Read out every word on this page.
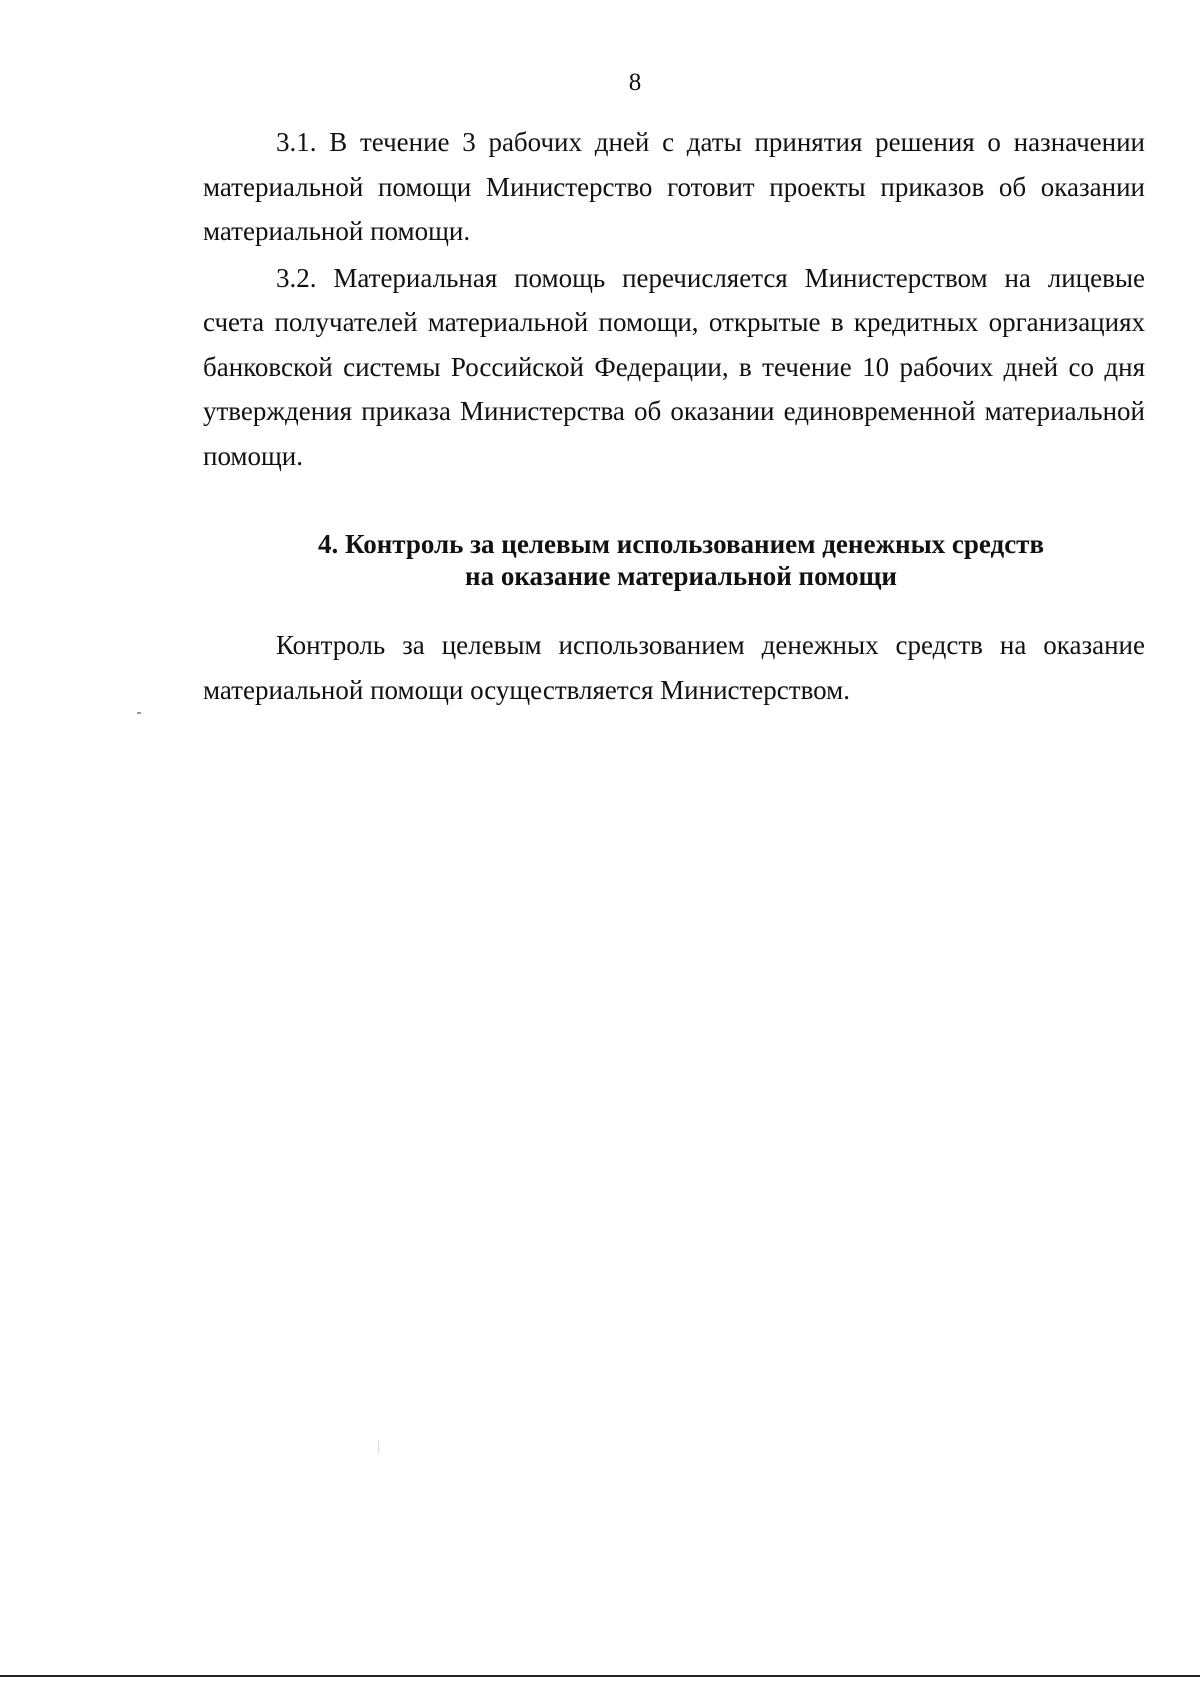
8

3.1. В течение 3 рабочих дней с даты принятия решения о назначении материальной помощи Министерство готовит проекты приказов об оказании материальной помощи.

3.2. Материальная помощь перечисляется Министерством на лицевые счета получателей материальной помощи, открытые в кредитных организациях банковской системы Российской Федерации, в течение 10 рабочих дней со дня утверждения приказа Министерства об оказании единовременной материальной помощи.

4. Контроль за целевым использованием денежных средств
на оказание материальной помощи

Контроль за целевым использованием денежных средств на оказание материальной помощи осуществляется Министерством.
